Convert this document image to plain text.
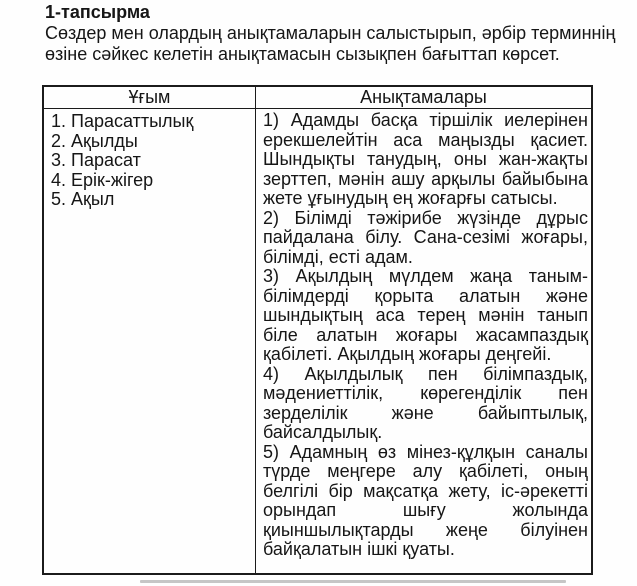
1-тапсырма
Сөздер мен олардың анықтамаларын салыстырып, әрбір терминнің өзіне сәйкес келетін анықтамасын сызықпен бағыттап көрсет.
Ұғым	Анықтамалары
1. Парасаттылық
2. Ақылды
3. Парасат
4. Ерік-жігер
5. Ақыл

1) Адамды басқа тіршілік иелерінен ерекшелейтін аса маңызды қасиет. Шындықты танудың, оны жан-жақты зерттеп, мәнін ашу арқылы байыбына жете ұғынудың ең жоғарғы сатысы.

2) Білімді тәжірибе жүзінде дұрыс пайдалана білу. Сана-сезімі жоғары, білімді, есті адам.

3) Ақылдың мүлдем жаңа таным-білімдерді қорыта алатын және шындықтың аса терең мәнін танып біле алатын жоғары жасампаздық қабілеті. Ақылдың жоғары деңгейі.

4) Ақылдылық пен білімпаздық, мәдениеттілік, көрегенділік пен зерделілік және байыптылық, байсалдылық.

5) Адамның өз мінез-құлқын саналы түрде меңгере алу қабілеті, оның белгілі бір мақсатқа жету, іс-әрекетті орындап шығу жолында қиыншылықтарды жеңе білуінен байқалатын ішкі қуаты.
